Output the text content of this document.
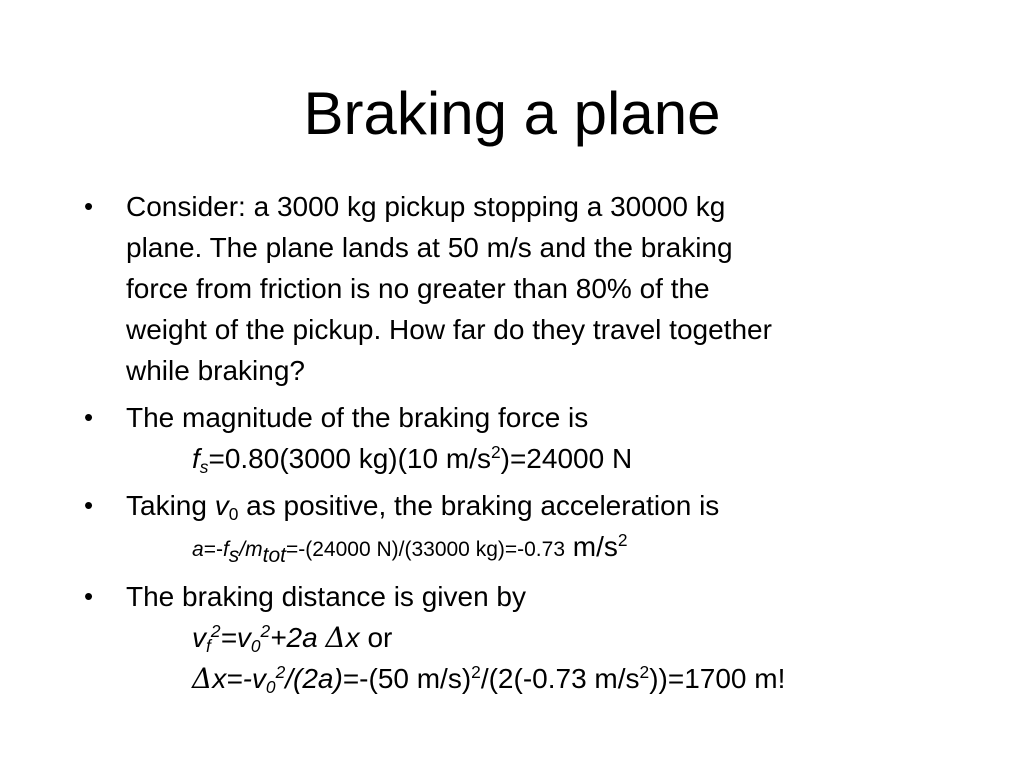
Braking a plane
•	Consider: a 3000 kg pickup stopping a 30000 kg

plane. The plane lands at 50 m/s and the braking

force from friction is no greater than 80% of the

weight of the pickup. How far do they travel together

while braking?

•	The magnitude of the braking force is

$f_s=0.80(3000$ kg)(10 $m/s^2)=24000$ N

•	Taking $v_0$ as positive, the braking acceleration is

$a=-f_s/m_{tot}=-(24000$ N)/(33000 kg)=-0.73 $m/s^2$

•	The braking distance is given by

$v_f^2=v_0^2+2a$ Δx or

$\Delta x=-v_0^2/(2a)=-(50$ m/s)$^2$/(2(-0.73 $m/s^2))=1700$ m!
